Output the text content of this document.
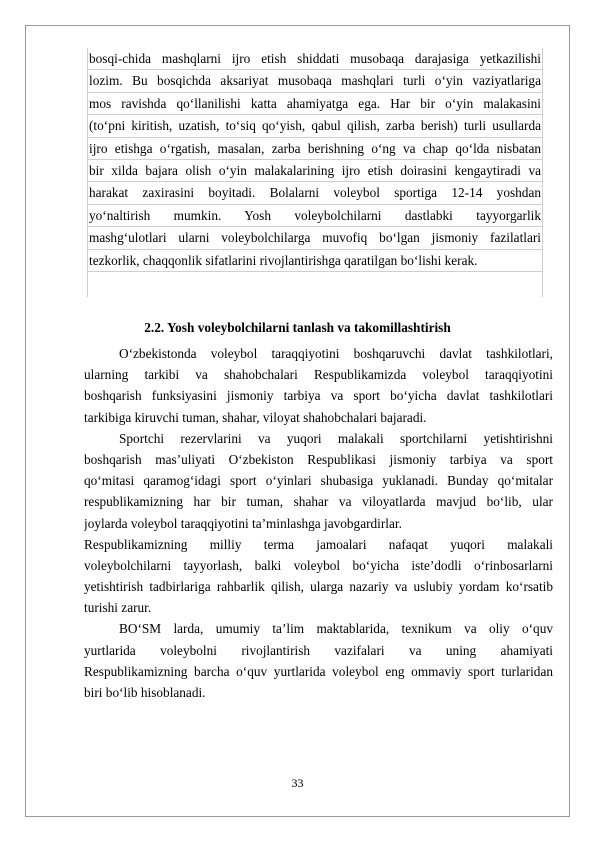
bosqi-chida mashqlarni ijro etish shiddati musobaqa darajasiga yetkazilishi
lozim. Bu bosqichda aksariyat musobaqa mashqlari turli o‘yin vaziyatlariga
mos ravishda qo‘llanilishi katta ahamiyatga ega. Har bir o‘yin malakasini
(to‘pni kiritish, uzatish, to‘siq qo‘yish, qabul qilish, zarba berish) turli usullarda
ijro etishga o‘rgatish, masalan, zarba berishning o‘ng va chap qo‘lda nisbatan
bir xilda bajara olish o‘yin malakalarining ijro etish doirasini kengaytiradi va
harakat zaxirasini boyitadi. Bolalarni voleybol sportiga 12-14 yoshdan
yo‘naltirish mumkin. Yosh voleybolchilarni dastlabki tayyorgarlik
mashg‘ulotlari ularni voleybolchilarga muvofiq bo‘lgan jismoniy fazilatlari
tezkorlik, chaqqonlik sifatlarini rivojlantirishga qaratilgan bo‘lishi kerak.
2.2. Yosh voleybolchilarni tanlash va takomillashtirish
O‘zbekistonda voleybol taraqqiyotini boshqaruvchi davlat tashkilotlari,
ularning tarkibi va shahobchalari Respublikamizda voleybol taraqqiyotini
boshqarish funksiyasini jismoniy tarbiya va sport bo‘yicha davlat tashkilotlari
tarkibiga kiruvchi tuman, shahar, viloyat shahobchalari bajaradi.
Sportchi rezervlarini va yuqori malakali sportchilarni yetishtirishni
boshqarish mas’uliyati O‘zbekiston Respublikasi jismoniy tarbiya va sport
qo‘mitasi qaramog‘idagi sport o‘yinlari shubasiga yuklanadi. Bunday qo‘mitalar
respublikamizning har bir tuman, shahar va viloyatlarda mavjud bo‘lib, ular
joylarda voleybol taraqqiyotini ta’minlashga javobgardirlar.
Respublikamizning milliy terma jamoalari nafaqat yuqori malakali
voleybolchilarni tayyorlash, balki voleybol bo‘yicha iste’dodli o‘rinbosarlarni
yetishtirish tadbirlariga rahbarlik qilish, ularga nazariy va uslubiy yordam ko‘rsatib
turishi zarur.
BO‘SM larda, umumiy ta’lim maktablarida, texnikum va oliy o‘quv
yurtlarida voleybolni rivojlantirish vazifalari va uning ahamiyati
Respublikamizning barcha o‘quv yurtlarida voleybol eng ommaviy sport turlaridan
biri bo‘lib hisoblanadi.
33
